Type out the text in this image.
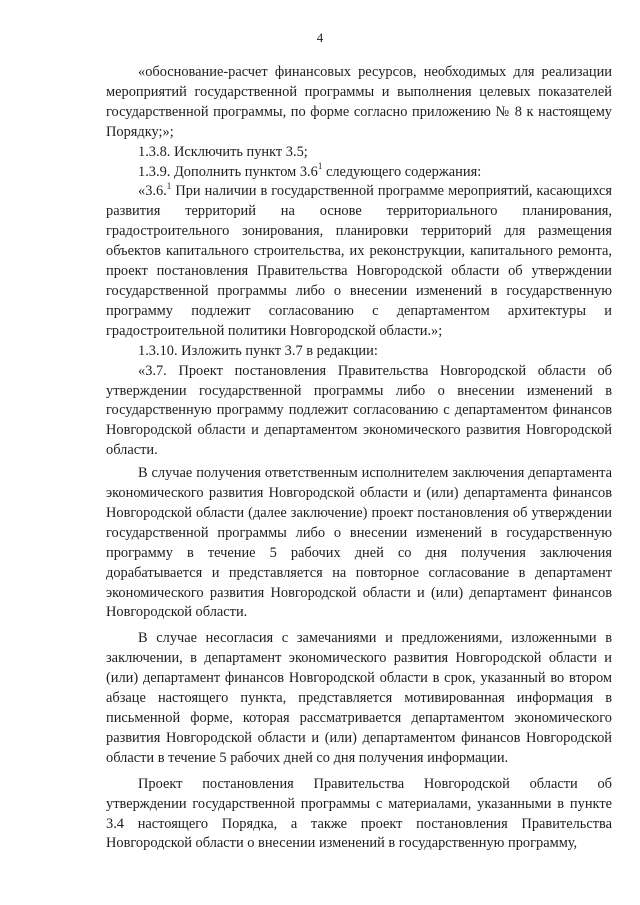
4

«обоснование-расчет финансовых ресурсов, необходимых для реализации мероприятий государственной программы и выполнения целевых показателей государственной программы, по форме согласно приложению № 8 к настоящему Порядку;»;

1.3.8. Исключить пункт 3.5;

1.3.9. Дополнить пунктом $3.6^1$ следующего содержания:

«3.6.$^1$ При наличии в государственной программе мероприятий, касающихся развития территорий на основе территориального планирования, градостроительного зонирования, планировки территорий для размещения объектов капитального строительства, их реконструкции, капитального ремонта, проект постановления Правительства Новгородской области об утверждении государственной программы либо о внесении изменений в государственную программу подлежит согласованию с департаментом архитектуры и градостроительной политики Новгородской области.»;

1.3.10. Изложить пункт 3.7 в редакции:

«3.7. Проект постановления Правительства Новгородской области об утверждении государственной программы либо о внесении изменений в государственную программу подлежит согласованию с департаментом финансов Новгородской области и департаментом экономического развития Новгородской области.

В случае получения ответственным исполнителем заключения департамента экономического развития Новгородской области и (или) департамента финансов Новгородской области (далее заключение) проект постановления об утверждении государственной программы либо о внесении изменений в государственную программу в течение 5 рабочих дней со дня получения заключения дорабатывается и представляется на повторное согласование в департамент экономического развития Новгородской области и (или) департамент финансов Новгородской области.

В случае несогласия с замечаниями и предложениями, изложенными в заключении, в департамент экономического развития Новгородской области и (или) департамент финансов Новгородской области в срок, указанный во втором абзаце настоящего пункта, представляется мотивированная информация в письменной форме, которая рассматривается департаментом экономического развития Новгородской области и (или) департаментом финансов Новгородской области в течение 5 рабочих дней со дня получения информации.

Проект постановления Правительства Новгородской области об утверждении государственной программы с материалами, указанными в пункте 3.4 настоящего Порядка, а также проект постановления Правительства Новгородской области о внесении изменений в государственную программу,
